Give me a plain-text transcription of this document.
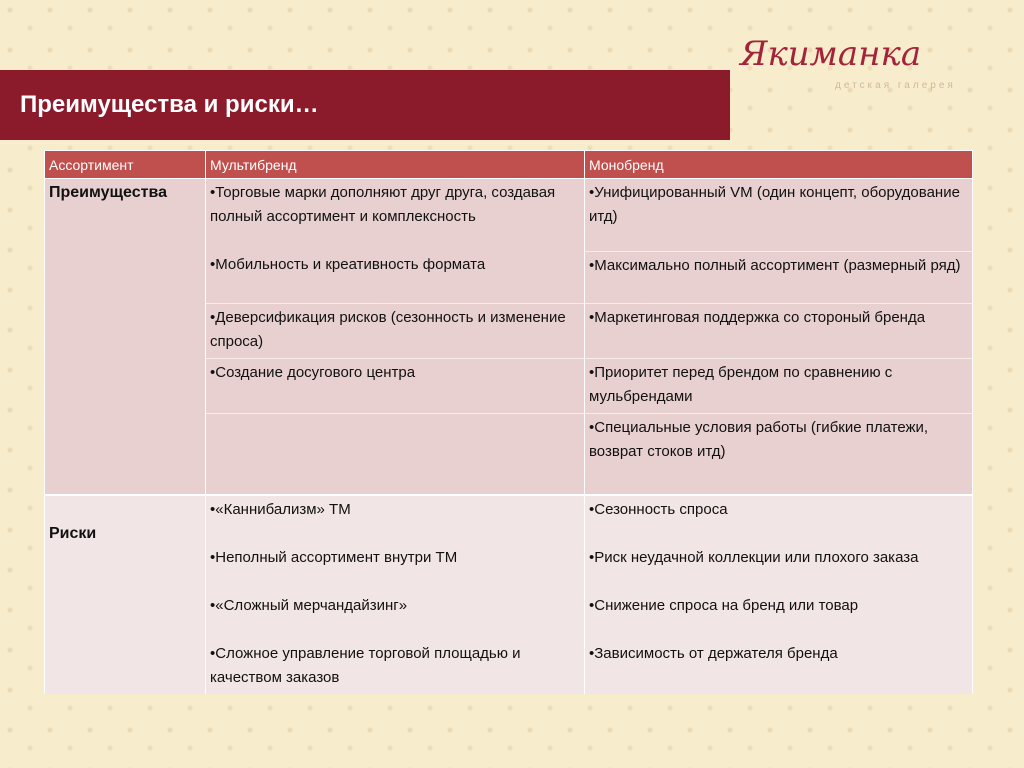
Преимущества и риски…
Якиманка
детская галерея
Ассортимент	Мультибренд	Монобренд
Преимущества	•Торговые марки дополняют друг друга, создавая полный ассортимент и комплексность	•Унифицированный VM (один концепт, оборудование итд)
	•Мобильность и креативность формата	•Максимально полный ассортимент (размерный ряд)
	•Деверсификация рисков (сезонность и изменение спроса)	•Маркетинговая поддержка со стороный бренда
	•Создание досугового центра	•Приоритет перед брендом по сравнению с мульбрендами
		•Специальные условия работы (гибкие платежи, возврат стоков итд)
Риски	•«Каннибализм» ТМ	•Сезонность спроса
	•Неполный ассортимент внутри ТМ	•Риск неудачной коллекции или плохого заказа
	•«Сложный мерчандайзинг»	•Снижение спроса на бренд или товар
	•Сложное управление торговой площадью и качеством заказов	•Зависимость от держателя бренда
